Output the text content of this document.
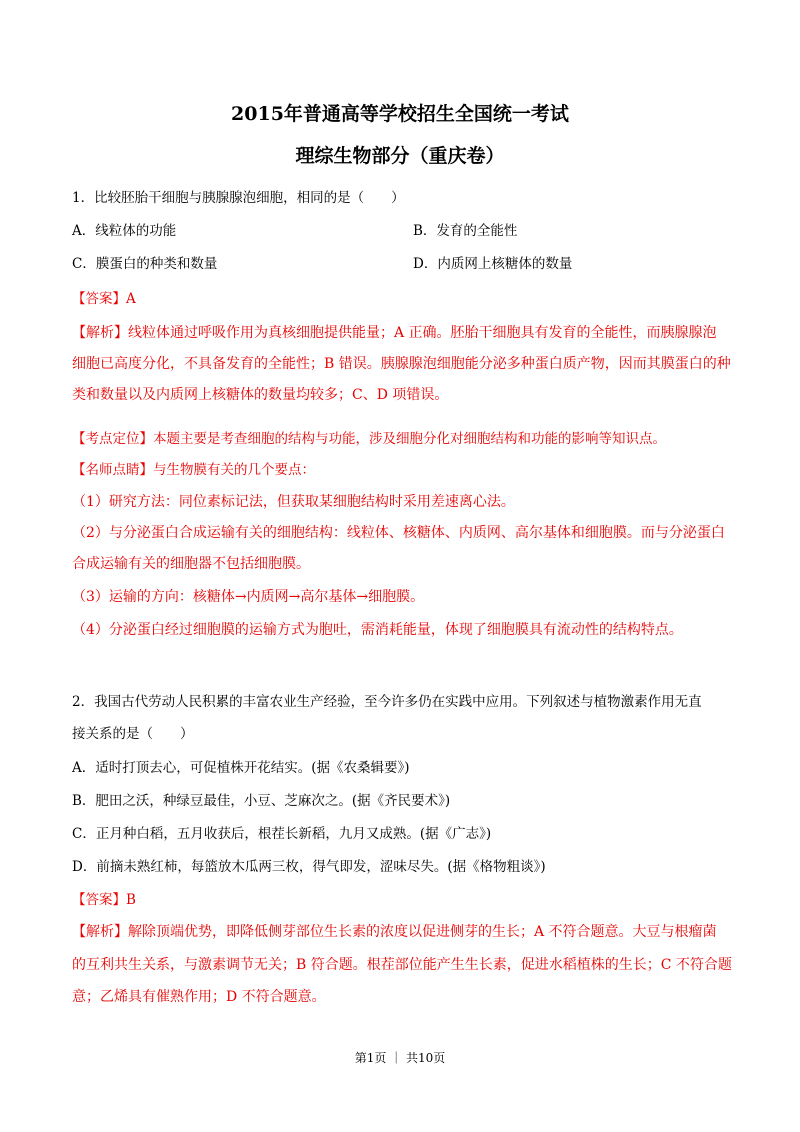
2015年普通高等学校招生全国统一考试
理综生物部分（重庆卷）
1．比较胚胎干细胞与胰腺腺泡细胞，相同的是（　　）
A．线粒体的功能	B．发育的全能性
C．膜蛋白的种类和数量	D．内质网上核糖体的数量
【答案】A
【解析】线粒体通过呼吸作用为真核细胞提供能量；A 正确。胚胎干细胞具有发育的全能性，而胰腺腺泡
细胞已高度分化，不具备发育的全能性；B 错误。胰腺腺泡细胞能分泌多种蛋白质产物，因而其膜蛋白的种
类和数量以及内质网上核糖体的数量均较多；C、D 项错误。
【考点定位】本题主要是考查细胞的结构与功能，涉及细胞分化对细胞结构和功能的影响等知识点。
【名师点睛】与生物膜有关的几个要点：
（1）研究方法：同位素标记法，但获取某细胞结构时采用差速离心法。
（2）与分泌蛋白合成运输有关的细胞结构：线粒体、核糖体、内质网、高尔基体和细胞膜。而与分泌蛋白
合成运输有关的细胞器不包括细胞膜。
（3）运输的方向：核糖体→内质网→高尔基体→细胞膜。
（4）分泌蛋白经过细胞膜的运输方式为胞吐，需消耗能量，体现了细胞膜具有流动性的结构特点。
2．我国古代劳动人民积累的丰富农业生产经验，至今许多仍在实践中应用。下列叙述与植物激素作用无直
接关系的是（　　）
A．适时打顶去心，可促植株开花结实。(据《农桑辑要》)
B．肥田之沃，种绿豆最佳，小豆、芝麻次之。(据《齐民要术》)
C．正月种白稻，五月收获后，根茬长新稻，九月又成熟。(据《广志》)
D．前摘未熟红柿，每篮放木瓜两三枚，得气即发，涩味尽失。(据《格物粗谈》)
【答案】B
【解析】解除顶端优势，即降低侧芽部位生长素的浓度以促进侧芽的生长；A 不符合题意。大豆与根瘤菌
的互利共生关系，与激素调节无关；B 符合题。根茬部位能产生生长素，促进水稻植株的生长；C 不符合题
意；乙烯具有催熟作用；D 不符合题意。
第1页 ｜ 共10页
